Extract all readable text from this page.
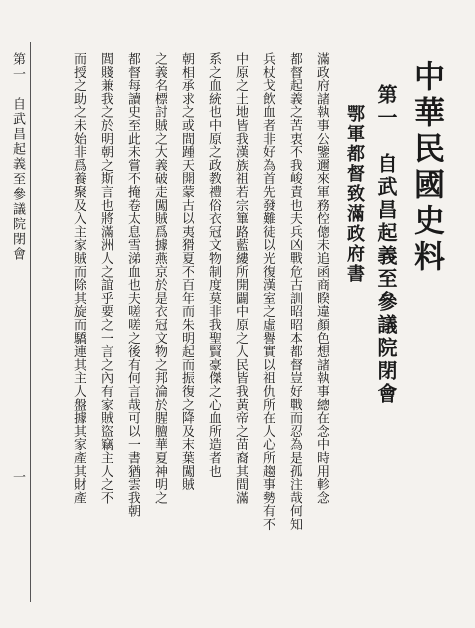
中華民國史料
第一　自武昌起義至參議院閉會
鄂軍都督致滿政府書
滿政府諸執事公鑒邇來軍務倥傯未追函商睽違顏色想諸執事總在念中時用軫念
都督起義之苦衷不我峻責也夫兵凶戰危古訓昭昭本都督豈好戰而忍為是孤注哉何知
兵杖戈飲血者非好為首先發難徒以光復漢室之虛譽實以祖仇所在人心所趨事勢有不
中原之土地皆我漢族祖若宗篳路藍縷所開闢中原之人民皆我黃帝之苗裔其間滿
系之血統也中原之政教禮俗衣冠文物制度莫非我聖賢豪傑之心血所造者也
朝相承求之或間踵天開蒙古以夷猾夏不百年而朱明起而振復之降及末葉闖賊
之義名標討賊之大義破走闖賊爲據燕京於是衣冠文物之邦淪於腥膻華夏神明之
都督每讀史至此未嘗不掩卷太息雪涕血也夫嗟嗟之後有何言哉可以一書猶雲我朝
閭賤兼我之於明朝之斯言也將滿洲人之誼乎要之一言之內有家賊盜竊主人之不
而授之助之未始非爲養聚及入主家賊而除其旋而驕連其主人盤據其家產其財產
第一　自武昌起義至參議院閉會
一
